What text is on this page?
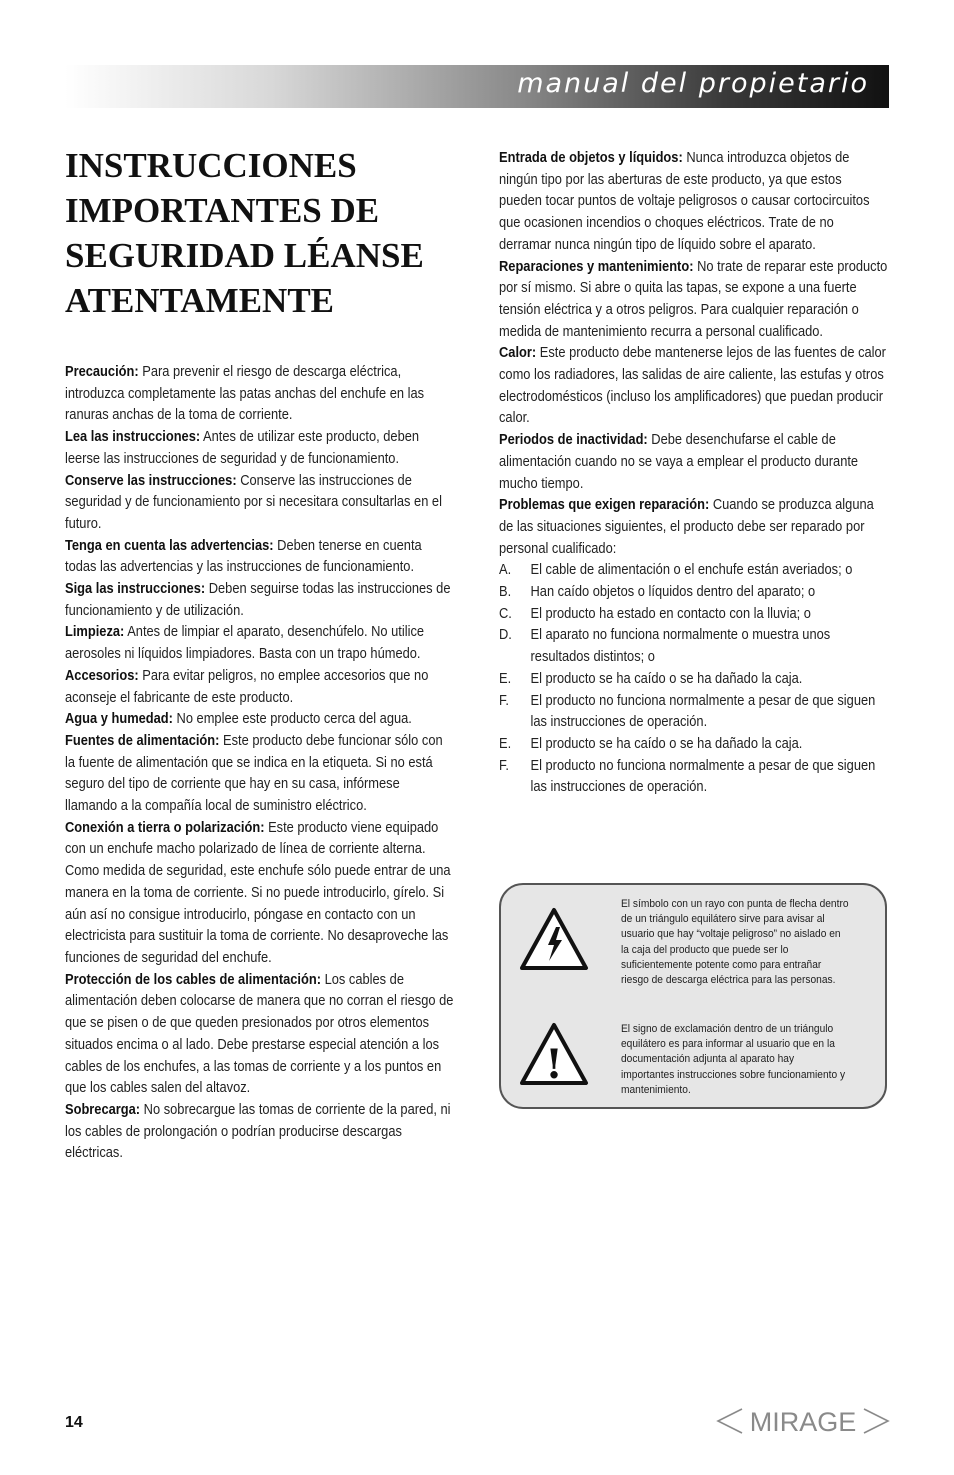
manual del propietario
INSTRUCCIONES IMPORTANTES DE SEGURIDAD LÉANSE ATENTAMENTE

Precaución: Para prevenir el riesgo de descarga eléctrica, introduzca completamente las patas anchas del enchufe en las ranuras anchas de la toma de corriente.

Lea las instrucciones: Antes de utilizar este producto, deben leerse las instrucciones de seguridad y de funcionamiento.

Conserve las instrucciones: Conserve las instrucciones de seguridad y de funcionamiento por si necesitara consultarlas en el futuro.

Tenga en cuenta las advertencias: Deben tenerse en cuenta todas las advertencias y las instrucciones de funcionamiento.

Siga las instrucciones: Deben seguirse todas las instrucciones de funcionamiento y de utilización.

Limpieza: Antes de limpiar el aparato, desenchúfelo. No utilice aerosoles ni líquidos limpiadores. Basta con un trapo húmedo.

Accesorios: Para evitar peligros, no emplee accesorios que no aconseje el fabricante de este producto.

Agua y humedad: No emplee este producto cerca del agua.

Fuentes de alimentación: Este producto debe funcionar sólo con la fuente de alimentación que se indica en la etiqueta. Si no está seguro del tipo de corriente que hay en su casa, infórmese llamando a la compañía local de suministro eléctrico.

Conexión a tierra o polarización: Este producto viene equipado con un enchufe macho polarizado de línea de corriente alterna. Como medida de seguridad, este enchufe sólo puede entrar de una manera en la toma de corriente. Si no puede introducirlo, gírelo. Si aún así no consigue introducirlo, póngase en contacto con un electricista para sustituir la toma de corriente. No desaproveche las funciones de seguridad del enchufe.

Protección de los cables de alimentación: Los cables de alimentación deben colocarse de manera que no corran el riesgo de que se pisen o de que queden presionados por otros elementos situados encima o al lado. Debe prestarse especial atención a los cables de los enchufes, a las tomas de corriente y a los puntos en que los cables salen del altavoz.

Sobrecarga: No sobrecargue las tomas de corriente de la pared, ni los cables de prolongación o podrían producirse descargas eléctricas.

Entrada de objetos y líquidos: Nunca introduzca objetos de ningún tipo por las aberturas de este producto, ya que estos pueden tocar puntos de voltaje peligrosos o causar cortocircuitos que ocasionen incendios o choques eléctricos. Trate de no derramar nunca ningún tipo de líquido sobre el aparato.

Reparaciones y mantenimiento: No trate de reparar este producto por sí mismo. Si abre o quita las tapas, se expone a una fuerte tensión eléctrica y a otros peligros. Para cualquier reparación o medida de mantenimiento recurra a personal cualificado.

Calor: Este producto debe mantenerse lejos de las fuentes de calor como los radiadores, las salidas de aire caliente, las estufas y otros electrodomésticos (incluso los amplificadores) que puedan producir calor.

Periodos de inactividad: Debe desenchufarse el cable de alimentación cuando no se vaya a emplear el producto durante mucho tiempo.

Problemas que exigen reparación: Cuando se produzca alguna de las situaciones siguientes, el producto debe ser reparado por personal cualificado:

A. El cable de alimentación o el enchufe están averiados; o

B. Han caído objetos o líquidos dentro del aparato; o

C. El producto ha estado en contacto con la lluvia; o

D. El aparato no funciona normalmente o muestra unos resultados distintos; o

E. El producto se ha caído o se ha dañado la caja.

F. El producto no funciona normalmente a pesar de que siguen las instrucciones de operación.

E. El producto se ha caído o se ha dañado la caja.

F. El producto no funciona normalmente a pesar de que siguen las instrucciones de operación.

El símbolo con un rayo con punta de flecha dentro de un triángulo equilátero sirve para avisar al usuario que hay “voltaje peligroso” no aislado en la caja del producto que puede ser lo suficientemente potente como para entrañar riesgo de descarga eléctrica para las personas.
!
El signo de exclamación dentro de un triángulo equilátero es para informar al usuario que en la documentación adjunta al aparato hay importantes instrucciones sobre funcionamiento y mantenimiento.
14	MIRAGE
